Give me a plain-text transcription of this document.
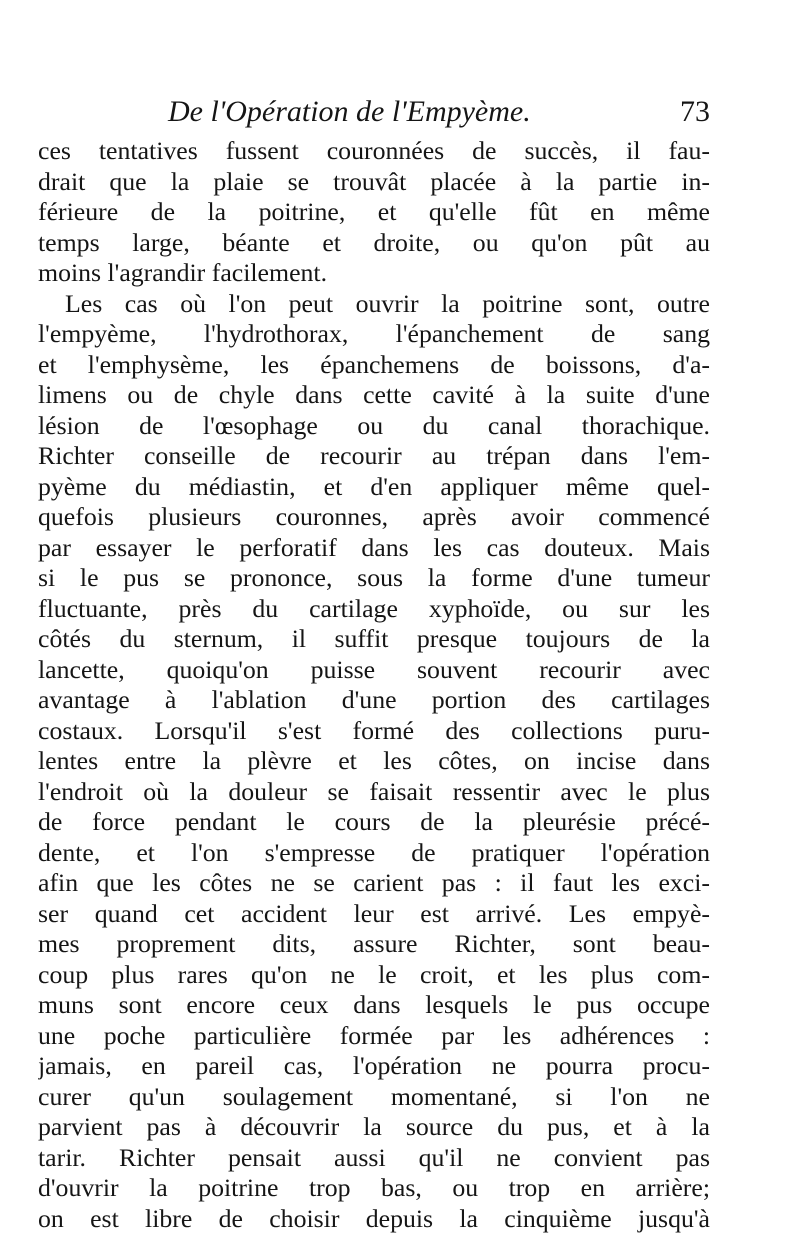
De l'Opération de l'Empyème.	73
ces tentatives fussent couronnées de succès, il fau-
drait que la plaie se trouvât placée à la partie in-
férieure de la poitrine, et qu'elle fût en même
temps large, béante et droite, ou qu'on pût au
moins l'agrandir facilement.
Les cas où l'on peut ouvrir la poitrine sont, outre
l'empyème, l'hydrothorax, l'épanchement de sang
et l'emphysème, les épanchemens de boissons, d'a-
limens ou de chyle dans cette cavité à la suite d'une
lésion de l'œsophage ou du canal thorachique.
Richter conseille de recourir au trépan dans l'em-
pyème du médiastin, et d'en appliquer même quel-
quefois plusieurs couronnes, après avoir commencé
par essayer le perforatif dans les cas douteux. Mais
si le pus se prononce, sous la forme d'une tumeur
fluctuante, près du cartilage xyphoïde, ou sur les
côtés du sternum, il suffit presque toujours de la
lancette, quoiqu'on puisse souvent recourir avec
avantage à l'ablation d'une portion des cartilages
costaux. Lorsqu'il s'est formé des collections puru-
lentes entre la plèvre et les côtes, on incise dans
l'endroit où la douleur se faisait ressentir avec le plus
de force pendant le cours de la pleurésie précé-
dente, et l'on s'empresse de pratiquer l'opération
afin que les côtes ne se carient pas : il faut les exci-
ser quand cet accident leur est arrivé. Les empyè-
mes proprement dits, assure Richter, sont beau-
coup plus rares qu'on ne le croit, et les plus com-
muns sont encore ceux dans lesquels le pus occupe
une poche particulière formée par les adhérences :
jamais, en pareil cas, l'opération ne pourra procu-
curer qu'un soulagement momentané, si l'on ne
parvient pas à découvrir la source du pus, et à la
tarir. Richter pensait aussi qu'il ne convient pas
d'ouvrir la poitrine trop bas, ou trop en arrière;
on est libre de choisir depuis la cinquième jusqu'à
